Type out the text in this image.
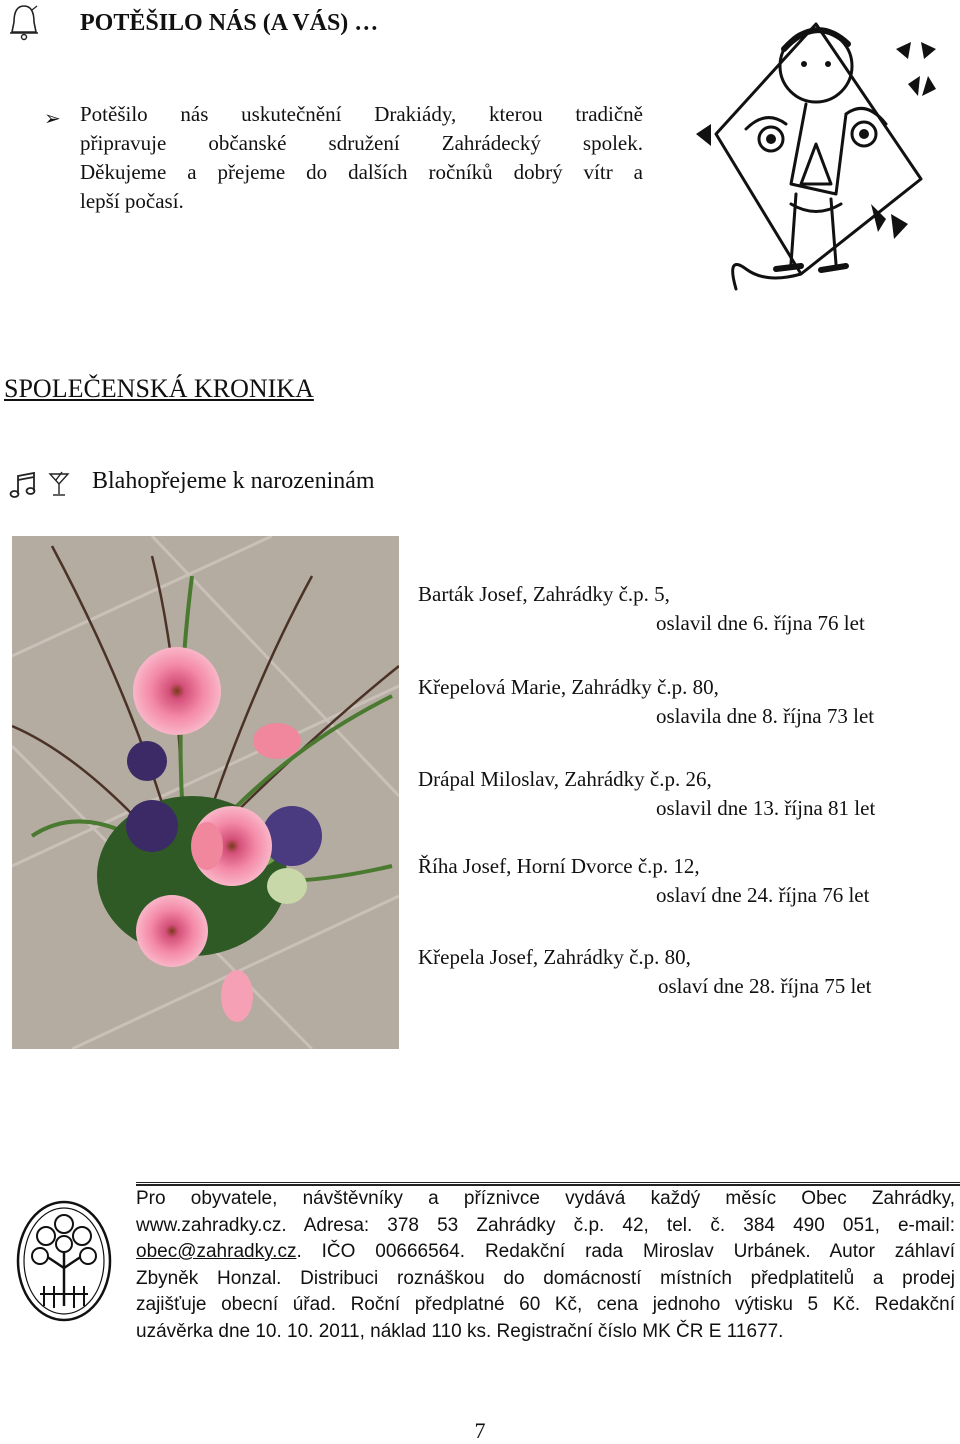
POTĚŠILO NÁS (A VÁS) …
➢ Potěšilo nás uskutečnění Drakiády, kterou tradičně
připravuje občanské sdružení Zahrádecký spolek.
Děkujeme a přejeme do dalších ročníků dobrý vítr a
lepší počasí.
SPOLEČENSKÁ KRONIKA
Blahopřejeme k narozeninám
Barták Josef, Zahrádky č.p. 5,
oslavil dne 6. října 76 let
Křepelová Marie, Zahrádky č.p. 80,
oslavila dne 8. října 73 let
Drápal Miloslav, Zahrádky č.p. 26,
oslavil dne 13. října 81 let
Říha Josef, Horní Dvorce č.p. 12,
oslaví dne 24. října 76 let
Křepela Josef, Zahrádky č.p. 80,
oslaví dne 28. října 75 let
Pro obyvatele, návštěvníky a příznivce vydává každý měsíc Obec Zahrádky,
www.zahradky.cz. Adresa: 378 53 Zahrádky č.p. 42, tel. č. 384 490 051, e-mail:
obec@zahradky.cz. IČO 00666564. Redakční rada Miroslav Urbánek. Autor záhlaví
Zbyněk Honzal. Distribuci roznáškou do domácností místních předplatitelů a prodej
zajišťuje obecní úřad. Roční předplatné 60 Kč, cena jednoho výtisku 5 Kč. Redakční
uzávěrka dne 10. 10. 2011, náklad 110 ks. Registrační číslo MK ČR E 11677.
7
